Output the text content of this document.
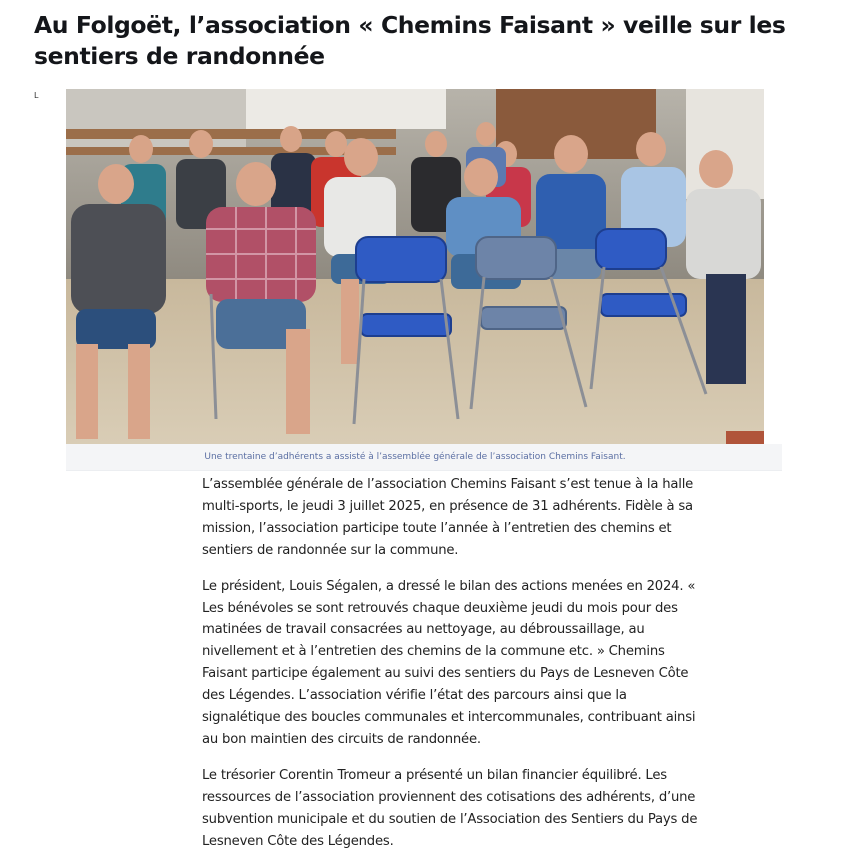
Au Folgoët, l’association « Chemins Faisant » veille sur les sentiers de randonnée
L
Une trentaine d’adhérents a assisté à l’assemblée générale de l’association Chemins Faisant.

L’assemblée générale de l’association Chemins Faisant s’est tenue à la halle multi-sports, le jeudi 3 juillet 2025, en présence de 31 adhérents. Fidèle à sa mission, l’association participe toute l’année à l’entretien des chemins et sentiers de randonnée sur la commune.

Le président, Louis Ségalen, a dressé le bilan des actions menées en 2024. « Les bénévoles se sont retrouvés chaque deuxième jeudi du mois pour des matinées de travail consacrées au nettoyage, au débroussaillage, au nivellement et à l’entretien des chemins de la commune etc. » Chemins Faisant participe également au suivi des sentiers du Pays de Lesneven Côte des Légendes. L’association vérifie l’état des parcours ainsi que la signalétique des boucles communales et intercommunales, contribuant ainsi au bon maintien des circuits de randonnée.

Le trésorier Corentin Tromeur a présenté un bilan financier équilibré. Les ressources de l’association proviennent des cotisations des adhérents, d’une subvention municipale et du soutien de l’Association des Sentiers du Pays de Lesneven Côte des Légendes.
